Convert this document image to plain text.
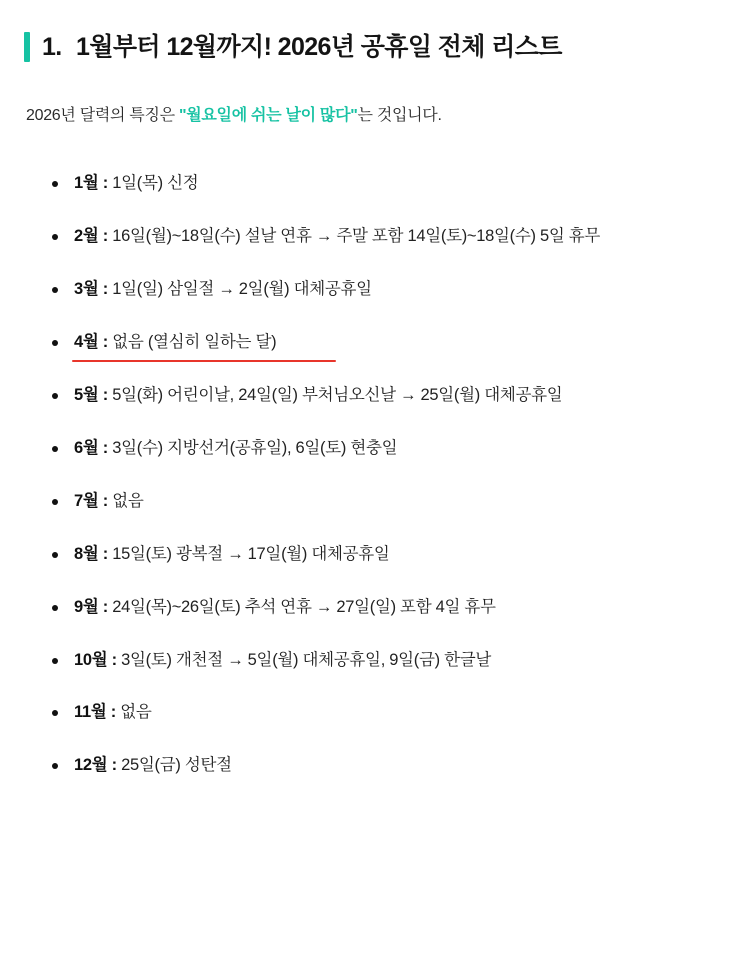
1. 1월부터 12월까지! 2026년 공휴일 전체 리스트

2026년 달력의 특징은 "월요일에 쉬는 날이 많다"는 것입니다.

1월 : 1일(목) 신정
2월 : 16일(월)~18일(수) 설날 연휴 → 주말 포함 14일(토)~18일(수) 5일 휴무
3월 : 1일(일) 삼일절 → 2일(월) 대체공휴일
4월 : 없음 (열심히 일하는 달)
5월 : 5일(화) 어린이날, 24일(일) 부처님오신날 → 25일(월) 대체공휴일
6월 : 3일(수) 지방선거(공휴일), 6일(토) 현충일
7월 : 없음
8월 : 15일(토) 광복절 → 17일(월) 대체공휴일
9월 : 24일(목)~26일(토) 추석 연휴 → 27일(일) 포함 4일 휴무
10월 : 3일(토) 개천절 → 5일(월) 대체공휴일, 9일(금) 한글날
11월 : 없음
12월 : 25일(금) 성탄절
